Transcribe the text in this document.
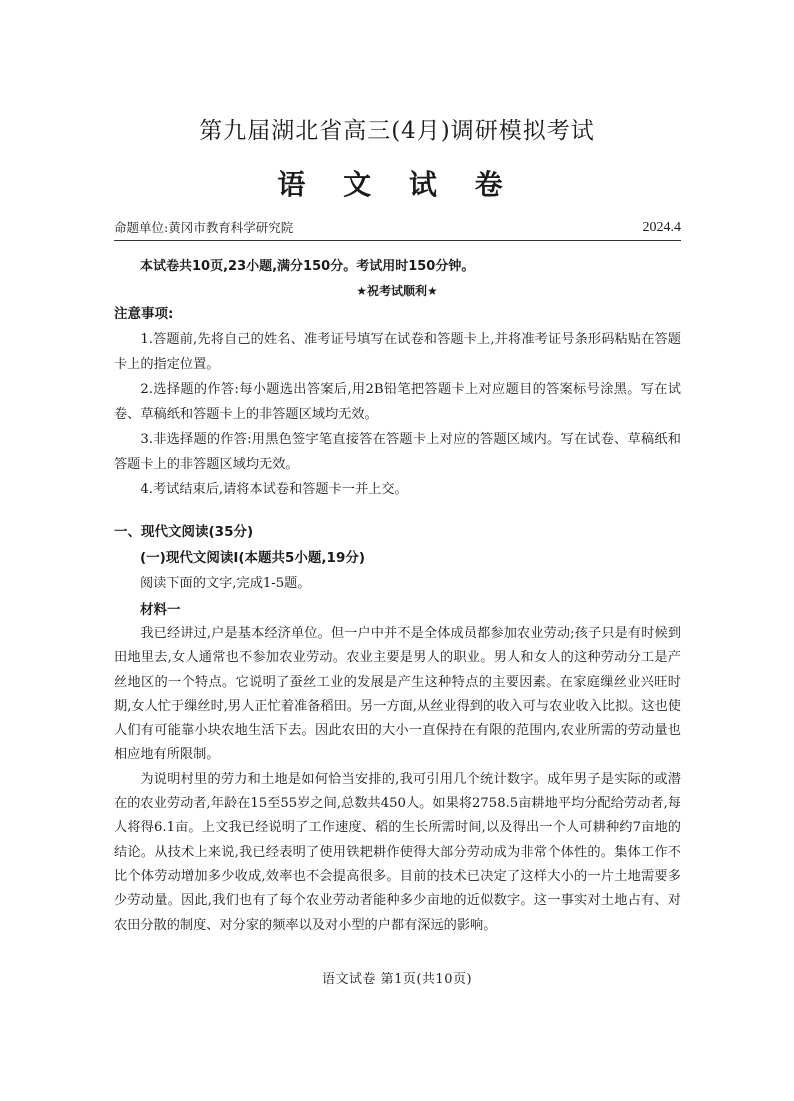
第九届湖北省高三(4月)调研模拟考试
语 文 试 卷
命题单位:黄冈市教育科学研究院	2024.4
本试卷共10页,23小题,满分150分。考试用时150分钟。
★祝考试顺利★
注意事项:

1.答题前,先将自己的姓名、准考证号填写在试卷和答题卡上,并将准考证号条形码粘贴在答题卡上的指定位置。

2.选择题的作答:每小题选出答案后,用2B铅笔把答题卡上对应题目的答案标号涂黑。写在试卷、草稿纸和答题卡上的非答题区域均无效。

3.非选择题的作答:用黑色签字笔直接答在答题卡上对应的答题区域内。写在试卷、草稿纸和答题卡上的非答题区域均无效。

4.考试结束后,请将本试卷和答题卡一并上交。

一、现代文阅读(35分)
(一)现代文阅读Ⅰ(本题共5小题,19分)
阅读下面的文字,完成1-5题。
材料一

我已经讲过,户是基本经济单位。但一户中并不是全体成员都参加农业劳动;孩子只是有时候到田地里去,女人通常也不参加农业劳动。农业主要是男人的职业。男人和女人的这种劳动分工是产丝地区的一个特点。它说明了蚕丝工业的发展是产生这种特点的主要因素。在家庭缫丝业兴旺时期,女人忙于缫丝时,男人正忙着准备稻田。另一方面,从丝业得到的收入可与农业收入比拟。这也使人们有可能靠小块农地生活下去。因此农田的大小一直保持在有限的范围内,农业所需的劳动量也相应地有所限制。

为说明村里的劳力和土地是如何恰当安排的,我可引用几个统计数字。成年男子是实际的或潜在的农业劳动者,年龄在15至55岁之间,总数共450人。如果将2758.5亩耕地平均分配给劳动者,每人将得6.1亩。上文我已经说明了工作速度、稻的生长所需时间,以及得出一个人可耕种约7亩地的结论。从技术上来说,我已经表明了使用铁耙耕作使得大部分劳动成为非常个体性的。集体工作不比个体劳动增加多少收成,效率也不会提高很多。目前的技术已决定了这样大小的一片土地需要多少劳动量。因此,我们也有了每个农业劳动者能种多少亩地的近似数字。这一事实对土地占有、对农田分散的制度、对分家的频率以及对小型的户都有深远的影响。

语文试卷 第1页(共10页)
